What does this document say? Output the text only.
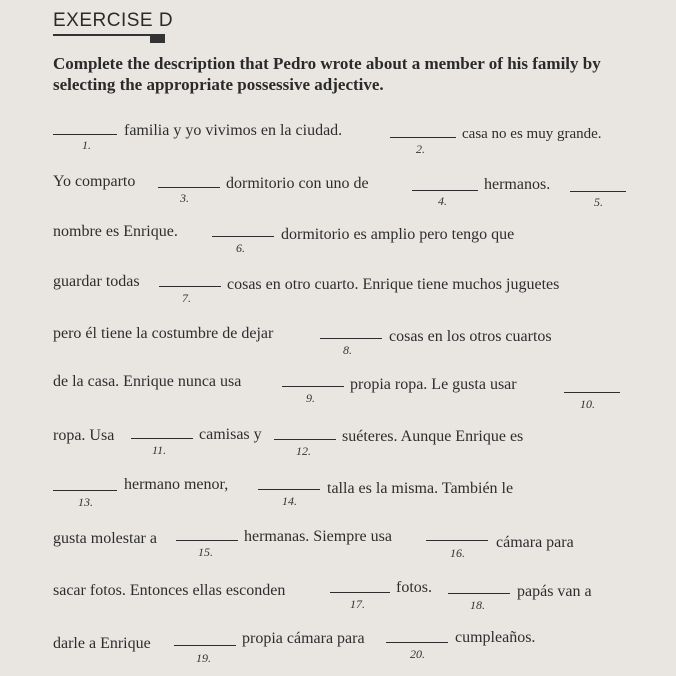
EXERCISE D
Complete the description that Pedro wrote about a member of his family by selecting the appropriate possessive adjective.
1.
familia y yo vivimos en la ciudad.
2.
casa no es muy grande.
Yo comparto
3.
dormitorio con uno de
4.
hermanos.
5.
nombre es Enrique.
6.
dormitorio es amplio pero tengo que
guardar todas
7.
cosas en otro cuarto. Enrique tiene muchos juguetes
pero él tiene la costumbre de dejar
8.
cosas en los otros cuartos
de la casa. Enrique nunca usa
9.
propia ropa. Le gusta usar
10.
ropa. Usa
11.
camisas y
12.
suéteres. Aunque Enrique es
13.
hermano menor,
14.
talla es la misma. También le
gusta molestar a
15.
hermanas. Siempre usa
16.
cámara para
sacar fotos. Entonces ellas esconden
17.
fotos.
18.
papás van a
darle a Enrique
19.
propia cámara para
20.
cumpleaños.
